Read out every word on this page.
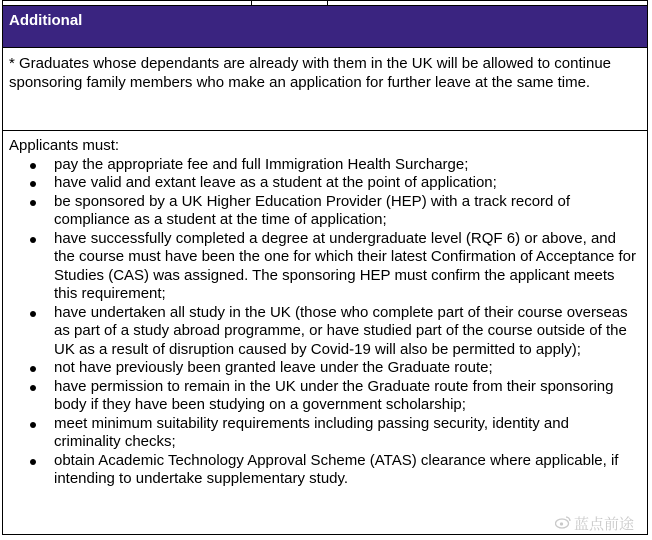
Additional
* Graduates whose dependants are already with them in the UK will be allowed to continue sponsoring family members who make an application for further leave at the same time.
Applicants must:
pay the appropriate fee and full Immigration Health Surcharge;
have valid and extant leave as a student at the point of application;
be sponsored by a UK Higher Education Provider (HEP) with a track record of compliance as a student at the time of application;
have successfully completed a degree at undergraduate level (RQF 6) or above, and the course must have been the one for which their latest Confirmation of Acceptance for Studies (CAS) was assigned. The sponsoring HEP must confirm the applicant meets this requirement;
have undertaken all study in the UK (those who complete part of their course overseas as part of a study abroad programme, or have studied part of the course outside of the UK as a result of disruption caused by Covid-19 will also be permitted to apply);
not have previously been granted leave under the Graduate route;
have permission to remain in the UK under the Graduate route from their sponsoring body if they have been studying on a government scholarship;
meet minimum suitability requirements including passing security, identity and criminality checks;
obtain Academic Technology Approval Scheme (ATAS) clearance where applicable, if intending to undertake supplementary study.
蓝点前途
